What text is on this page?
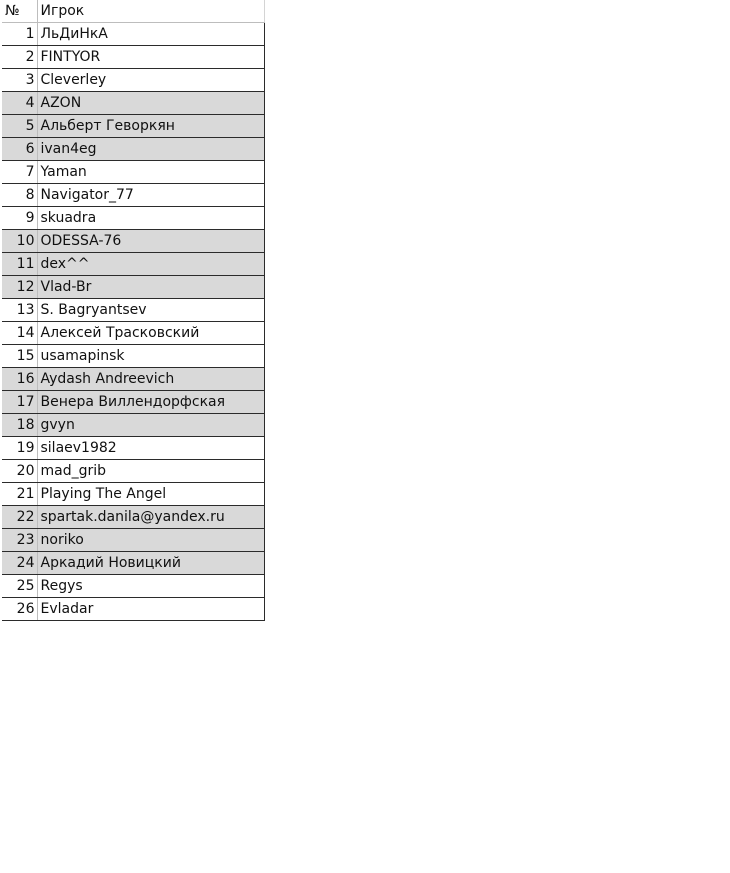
№	Игрок
1	ЛьДиНкА
2	FINTYOR
3	Cleverley
4	AZON
5	Альберт Геворкян
6	ivan4eg
7	Yaman
8	Navigator_77
9	skuadra
10	ODESSA-76
11	dex^^
12	Vlad-Br
13	S. Bagryantsev
14	Алексей Трасковский
15	usamapinsk
16	Aydash Andreevich
17	Венера Виллендорфская
18	gvyn
19	silaev1982
20	mad_grib
21	Playing The Angel
22	spartak.danila@yandex.ru
23	noriko
24	Аркадий Новицкий
25	Regys
26	Evladar
